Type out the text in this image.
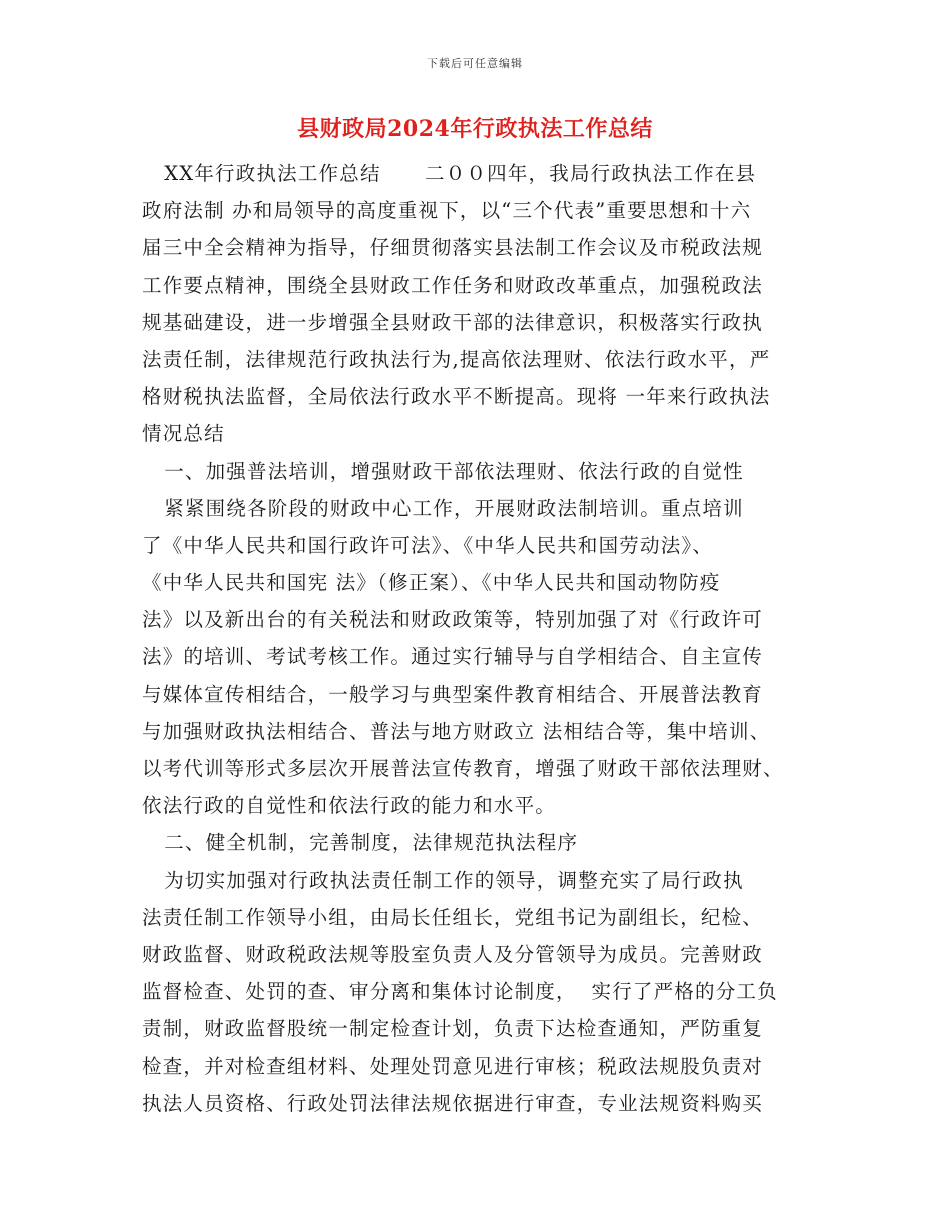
下载后可任意编辑
县财政局2024年行政执法工作总结
XX年行政执法工作总结      二００四年，我局行政执法工作在县
政府法制 办和局领导的高度重视下，以“三个代表”重要思想和十六
届三中全会精神为指导，仔细贯彻落实县法制工作会议及市税政法规
工作要点精神，围绕全县财政工作任务和财政改革重点，加强税政法
规基础建设，进一步增强全县财政干部的法律意识，积极落实行政执
法责任制，法律规范行政执法行为,提高依法理财、依法行政水平，严
格财税执法监督，全局依法行政水平不断提高。现将 一年来行政执法
情况总结
一、加强普法培训，增强财政干部依法理财、依法行政的自觉性
紧紧围绕各阶段的财政中心工作，开展财政法制培训。重点培训
了《中华人民共和国行政许可法》、《中华人民共和国劳动法》、
《中华人民共和国宪 法》（修正案）、《中华人民共和国动物防疫
法》以及新出台的有关税法和财政政策等，特别加强了对《行政许可
法》的培训、考试考核工作。通过实行辅导与自学相结合、自主宣传
与媒体宣传相结合，一般学习与典型案件教育相结合、开展普法教育
与加强财政执法相结合、普法与地方财政立 法相结合等，集中培训、
以考代训等形式多层次开展普法宣传教育，增强了财政干部依法理财、
依法行政的自觉性和依法行政的能力和水平。
二、健全机制，完善制度，法律规范执法程序
为切实加强对行政执法责任制工作的领导，调整充实了局行政执
法责任制工作领导小组，由局长任组长，党组书记为副组长，纪检、
财政监督、财政税政法规等股室负责人及分管领导为成员。完善财政
监督检查、处罚的查、审分离和集体讨论制度，  实行了严格的分工负
责制，财政监督股统一制定检查计划，负责下达检查通知，严防重复
检查，并对检查组材料、处理处罚意见进行审核；税政法规股负责对
执法人员资格、行政处罚法律法规依据进行审查，专业法规资料购买
